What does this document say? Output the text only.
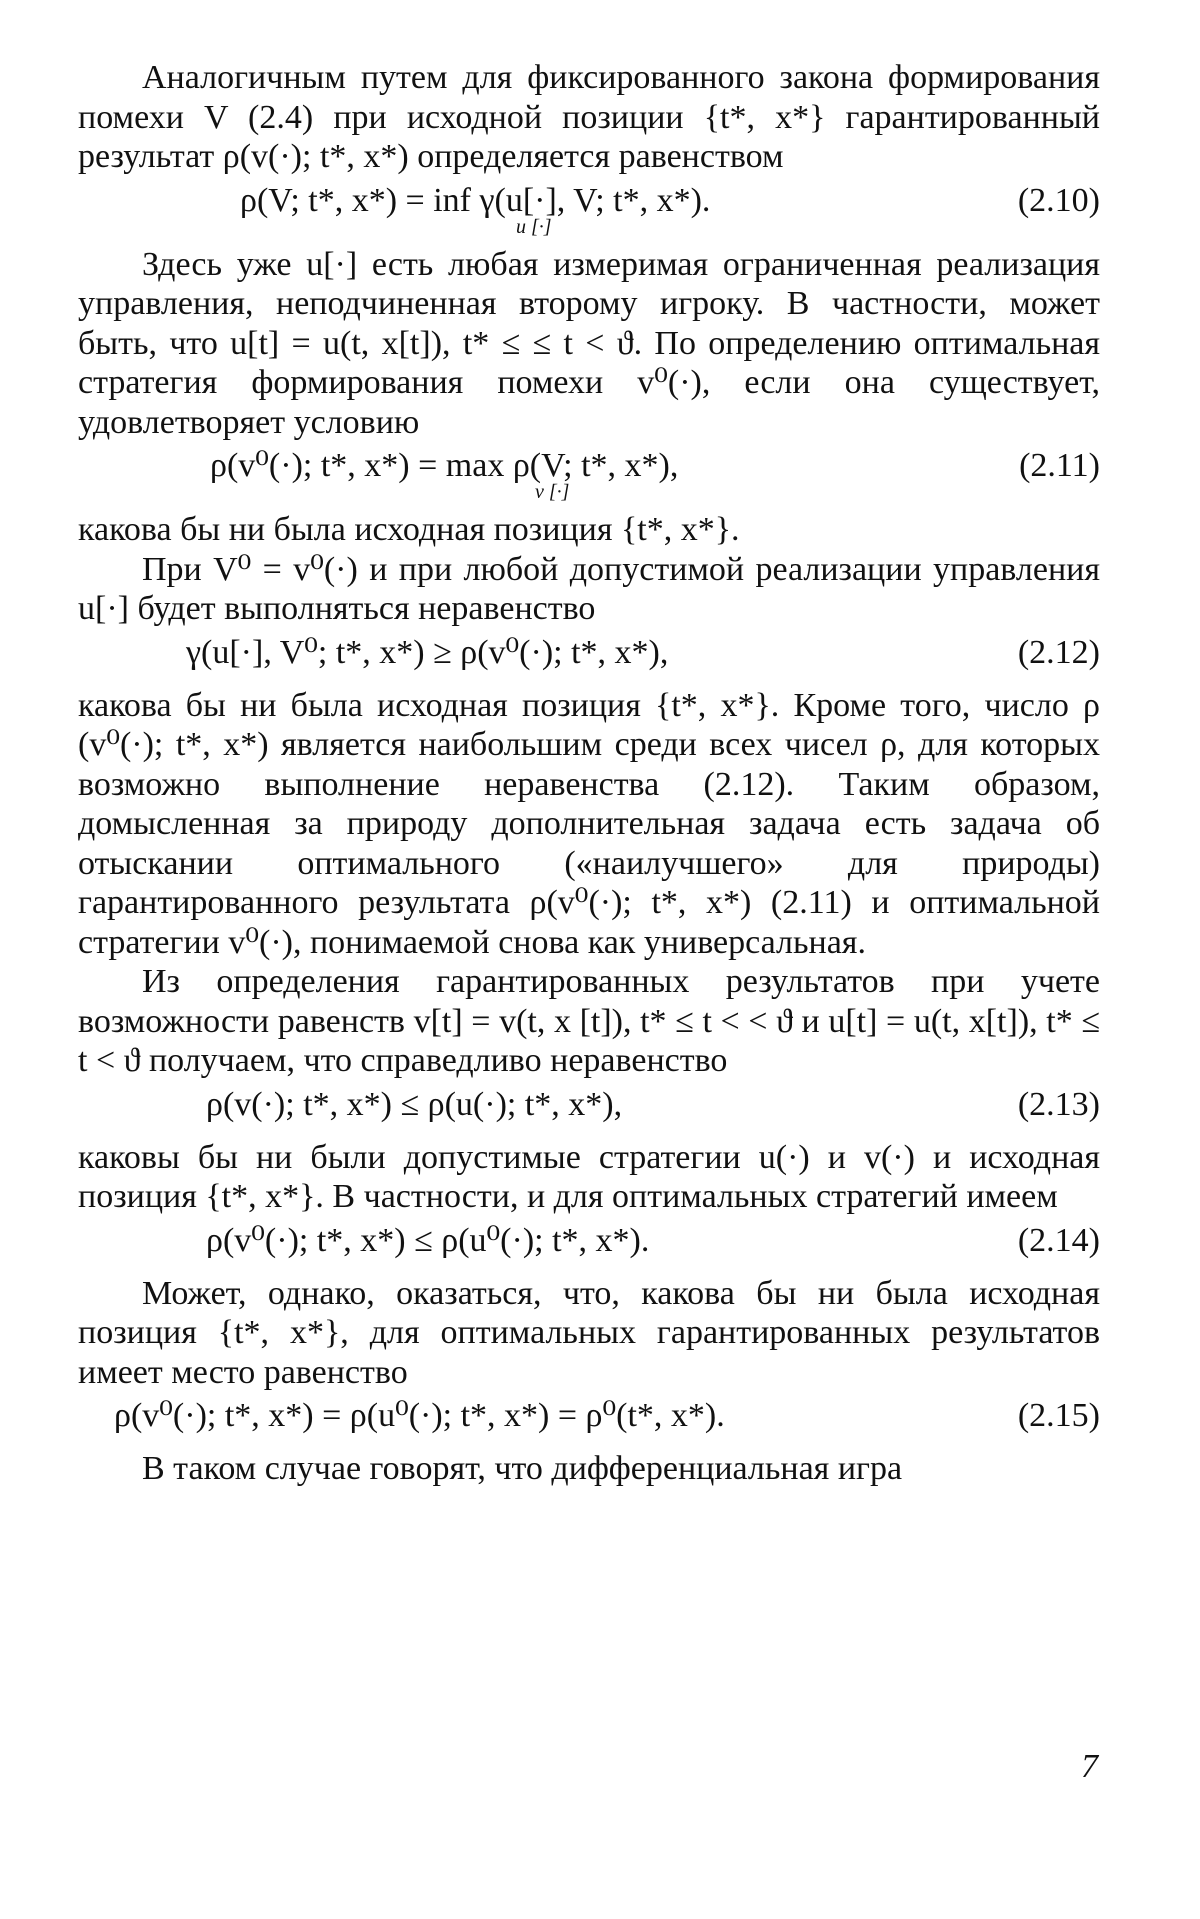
Аналогичным путем для фиксированного закона формирования помехи V (2.4) при исходной позиции {t*, x*} гарантированный результат ρ(v(·); t*, x*) определяется равенством

ρ(V; t*, x*) = inf γ(u[·], V; t*, x*).
u [·]
(2.10)

Здесь уже u[·] есть любая измеримая ограниченная реализация управления, неподчиненная второму игроку. В частности, может быть, что u[t] = u(t, x[t]), t* ≤ ≤ t < ϑ. По определению оптимальная стратегия формирования помехи v⁰(·), если она существует, удовлетворяет условию

ρ(v⁰(·); t*, x*) = max ρ(V; t*, x*),
v [·]
(2.11)

какова бы ни была исходная позиция {t*, x*}.

При V⁰ = v⁰(·) и при любой допустимой реализации управления u[·] будет выполняться неравенство

γ(u[·], V⁰; t*, x*) ≥ ρ(v⁰(·); t*, x*),	(2.12)

какова бы ни была исходная позиция {t*, x*}. Кроме того, число ρ (v⁰(·); t*, x*) является наибольшим среди всех чисел ρ, для которых возможно выполнение неравенства (2.12). Таким образом, домысленная за природу дополнительная задача есть задача об отыскании оптимального («наилучшего» для природы) гарантированного результата ρ(v⁰(·); t*, x*) (2.11) и оптимальной стратегии v⁰(·), понимаемой снова как универсальная.

Из определения гарантированных результатов при учете возможности равенств v[t] = v(t, x [t]), t* ≤ t < < ϑ и u[t] = u(t, x[t]), t* ≤ t < ϑ получаем, что справедливо неравенство

ρ(v(·); t*, x*) ≤ ρ(u(·); t*, x*),	(2.13)

каковы бы ни были допустимые стратегии u(·) и v(·) и исходная позиция {t*, x*}. В частности, и для оптимальных стратегий имеем

ρ(v⁰(·); t*, x*) ≤ ρ(u⁰(·); t*, x*).	(2.14)

Может, однако, оказаться, что, какова бы ни была исходная позиция {t*, x*}, для оптимальных гарантированных результатов имеет место равенство

ρ(v⁰(·); t*, x*) = ρ(u⁰(·); t*, x*) = ρ⁰(t*, x*).	(2.15)

В таком случае говорят, что дифференциальная игра

7
